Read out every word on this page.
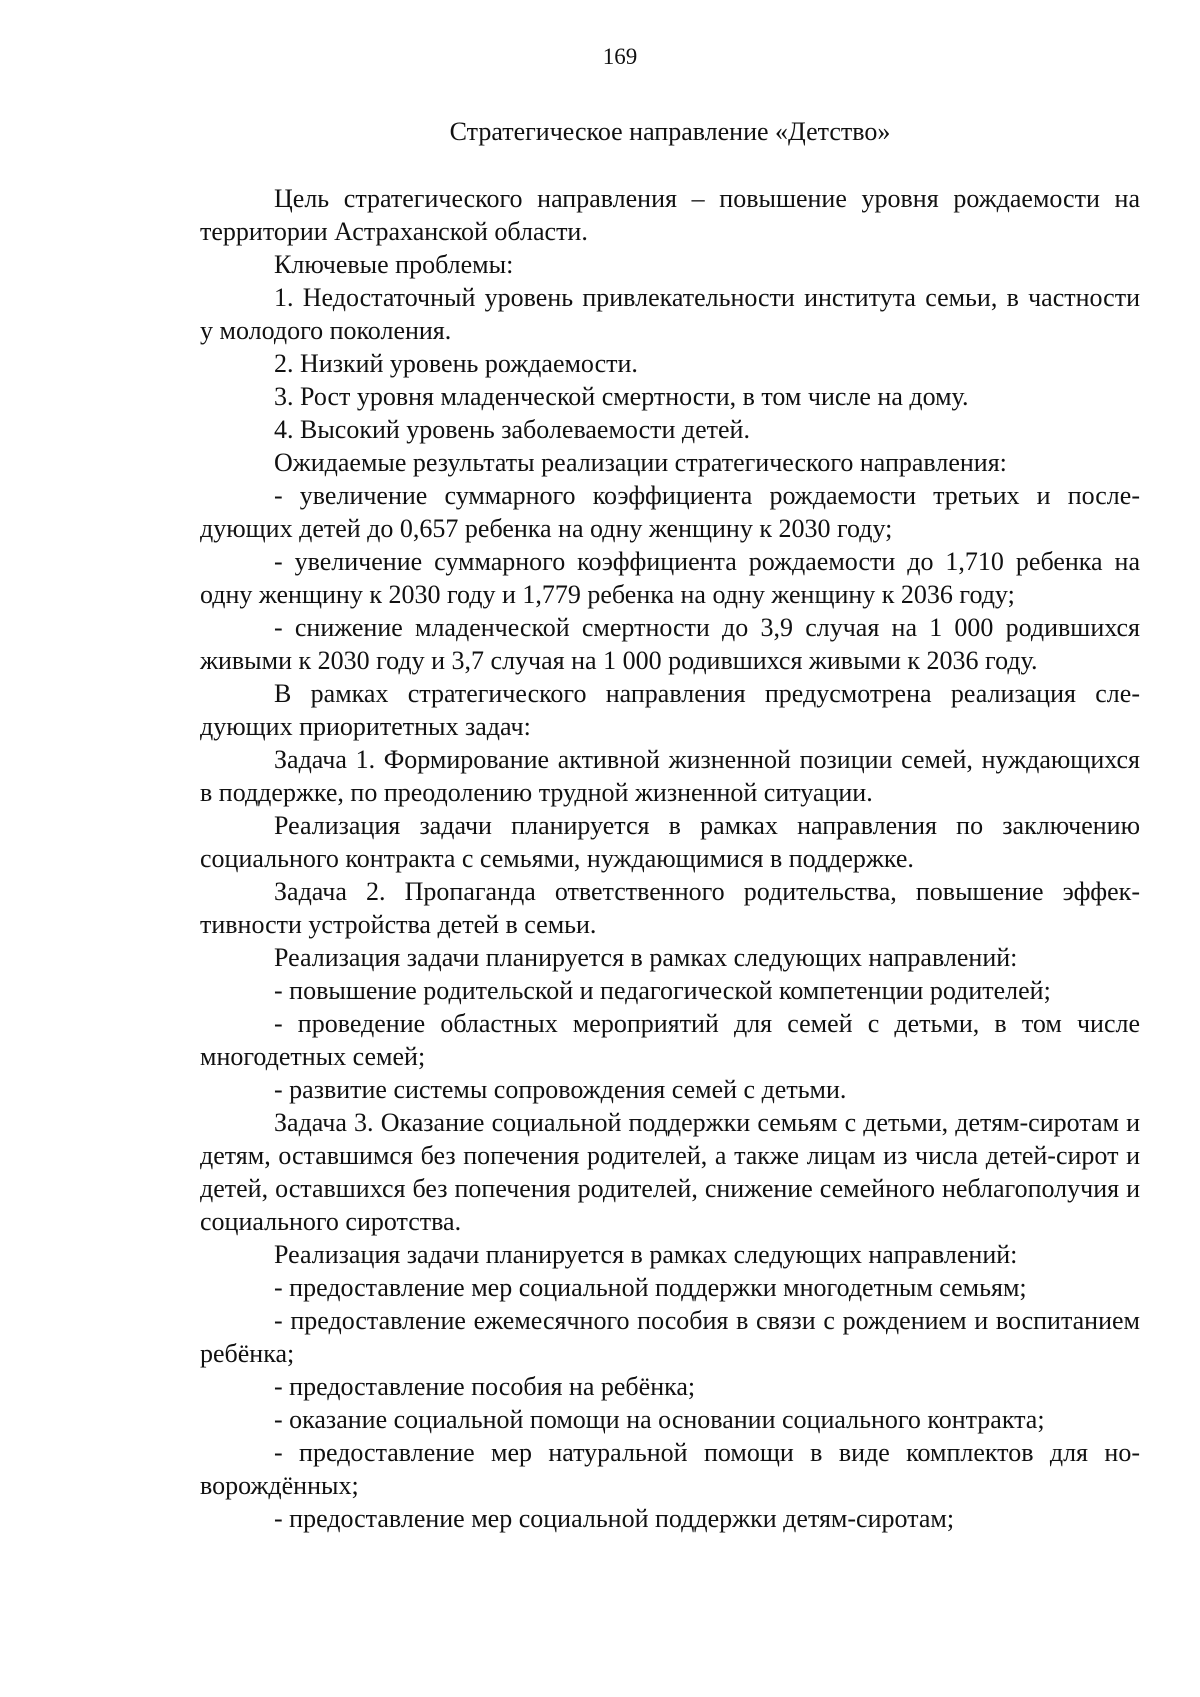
169
Стратегическое направление «Детство»

Цель стратегического направления – повышение уровня рождаемости на территории Астраханской области.

Ключевые проблемы:

1. Недостаточный уровень привлекательности института семьи, в частности у молодого поколения.

2. Низкий уровень рождаемости.

3. Рост уровня младенческой смертности, в том числе на дому.

4. Высокий уровень заболеваемости детей.

Ожидаемые результаты реализации стратегического направления:

- увеличение суммарного коэффициента рождаемости третьих и последующих детей до 0,657 ребенка на одну женщину к 2030 году;

- увеличение суммарного коэффициента рождаемости до 1,710 ребенка на одну женщину к 2030 году и 1,779 ребенка на одну женщину к 2036 году;

- снижение младенческой смертности до 3,9 случая на 1 000 родившихся живыми к 2030 году и 3,7 случая на 1 000 родившихся живыми к 2036 году.

В рамках стратегического направления предусмотрена реализация следующих приоритетных задач:

Задача 1. Формирование активной жизненной позиции семей, нуждающихся в поддержке, по преодолению трудной жизненной ситуации.

Реализация задачи планируется в рамках направления по заключению социального контракта с семьями, нуждающимися в поддержке.

Задача 2. Пропаганда ответственного родительства, повышение эффективности устройства детей в семьи.

Реализация задачи планируется в рамках следующих направлений:

- повышение родительской и педагогической компетенции родителей;

- проведение областных мероприятий для семей с детьми, в том числе многодетных семей;

- развитие системы сопровождения семей с детьми.

Задача 3. Оказание социальной поддержки семьям с детьми, детям-сиротам и детям, оставшимся без попечения родителей, а также лицам из числа детей-сирот и детей, оставшихся без попечения родителей, снижение семейного неблагополучия и социального сиротства.

Реализация задачи планируется в рамках следующих направлений:

- предоставление мер социальной поддержки многодетным семьям;

- предоставление ежемесячного пособия в связи с рождением и воспитанием ребёнка;

- предоставление пособия на ребёнка;

- оказание социальной помощи на основании социального контракта;

- предоставление мер натуральной помощи в виде комплектов для новорождённых;

- предоставление мер социальной поддержки детям-сиротам;
